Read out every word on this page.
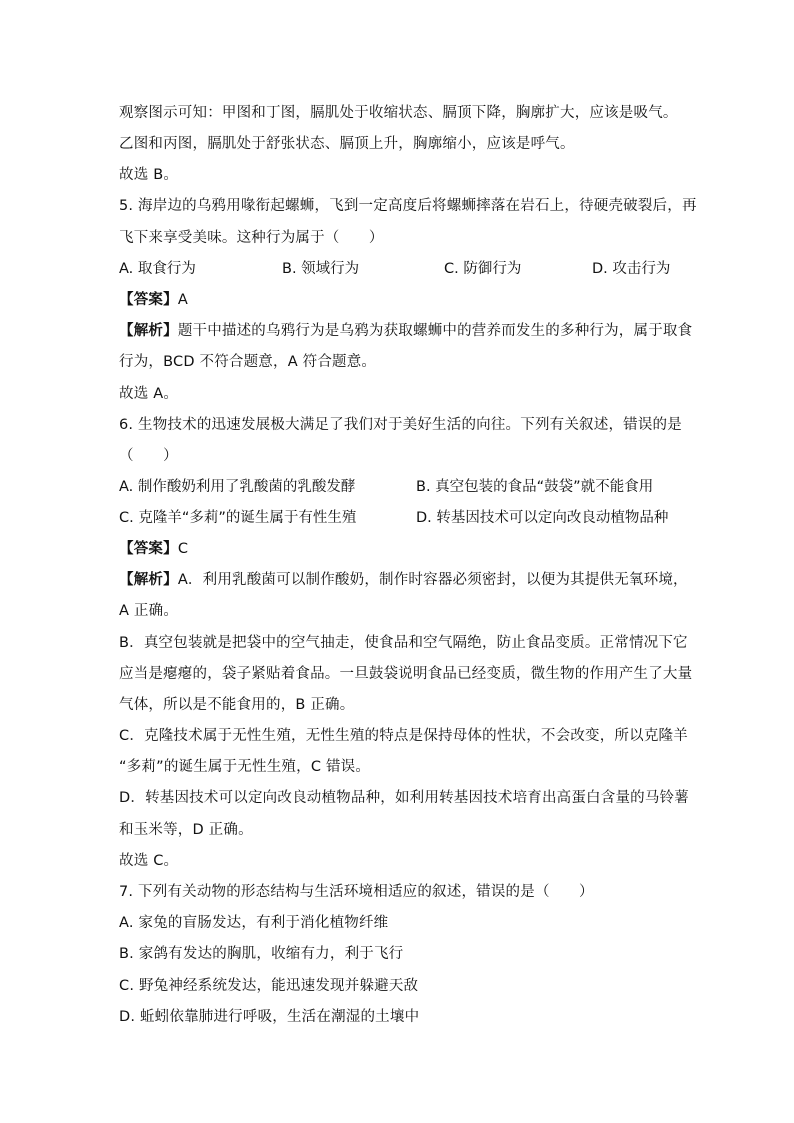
观察图示可知：甲图和丁图，膈肌处于收缩状态、膈顶下降，胸廓扩大，应该是吸气。
乙图和丙图，膈肌处于舒张状态、膈顶上升，胸廓缩小，应该是呼气。
故选 B。
5. 海岸边的乌鸦用喙衔起螺蛳，飞到一定高度后将螺蛳摔落在岩石上，待硬壳破裂后，再
飞下来享受美味。这种行为属于（　　）
A. 取食行为	B. 领域行为	C. 防御行为	D. 攻击行为
【答案】A
【解析】题干中描述的乌鸦行为是乌鸦为获取螺蛳中的营养而发生的多种行为，属于取食
行为，BCD 不符合题意，A 符合题意。
故选 A。
6. 生物技术的迅速发展极大满足了我们对于美好生活的向往。下列有关叙述，错误的是
（　　）
A. 制作酸奶利用了乳酸菌的乳酸发酵	B. 真空包装的食品“鼓袋”就不能食用
C. 克隆羊“多莉”的诞生属于有性生殖	D. 转基因技术可以定向改良动植物品种
【答案】C
【解析】A．利用乳酸菌可以制作酸奶，制作时容器必须密封，以便为其提供无氧环境，
A 正确。
B．真空包装就是把袋中的空气抽走，使食品和空气隔绝，防止食品变质。正常情况下它
应当是瘪瘪的，袋子紧贴着食品。一旦鼓袋说明食品已经变质，微生物的作用产生了大量
气体，所以是不能食用的，B 正确。
C．克隆技术属于无性生殖，无性生殖的特点是保持母体的性状，不会改变，所以克隆羊
“多莉”的诞生属于无性生殖，C 错误。
D．转基因技术可以定向改良动植物品种，如利用转基因技术培育出高蛋白含量的马铃薯
和玉米等，D 正确。
故选 C。
7. 下列有关动物的形态结构与生活环境相适应的叙述，错误的是（　　）
A. 家兔的盲肠发达，有利于消化植物纤维
B. 家鸽有发达的胸肌，收缩有力，利于飞行
C. 野兔神经系统发达，能迅速发现并躲避天敌
D. 蚯蚓依靠肺进行呼吸，生活在潮湿的土壤中
